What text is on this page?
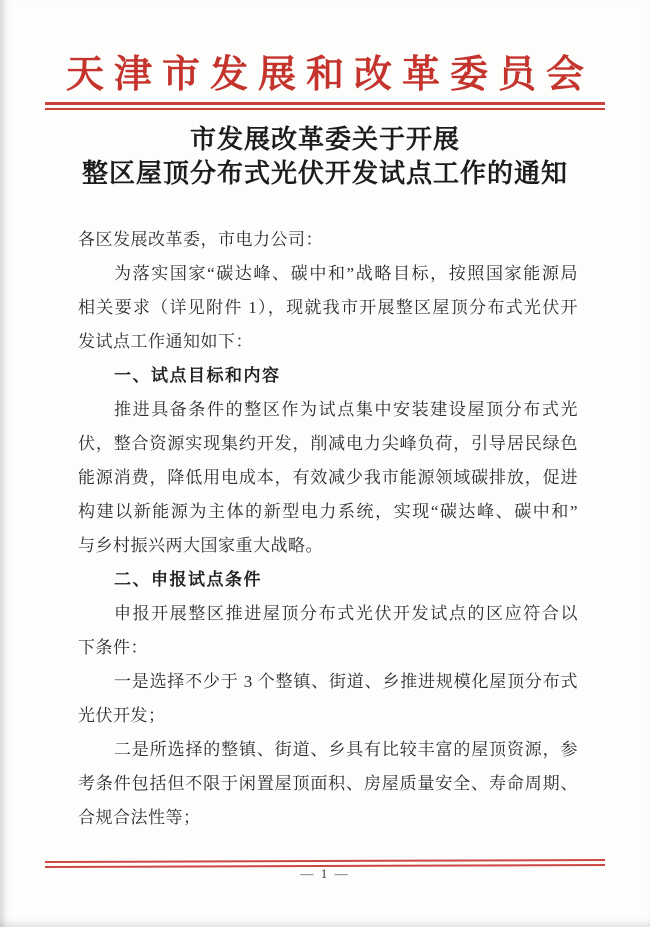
天津市发展和改革委员会
市发展改革委关于开展
整区屋顶分布式光伏开发试点工作的通知
各区发展改革委，市电力公司：
为落实国家“碳达峰、碳中和”战略目标，按照国家能源局
相关要求（详见附件 1），现就我市开展整区屋顶分布式光伏开
发试点工作通知如下：
一、试点目标和内容
推进具备条件的整区作为试点集中安装建设屋顶分布式光
伏，整合资源实现集约开发，削减电力尖峰负荷，引导居民绿色
能源消费，降低用电成本，有效减少我市能源领域碳排放，促进
构建以新能源为主体的新型电力系统，实现“碳达峰、碳中和”
与乡村振兴两大国家重大战略。
二、申报试点条件
申报开展整区推进屋顶分布式光伏开发试点的区应符合以
下条件：
一是选择不少于 3 个整镇、街道、乡推进规模化屋顶分布式
光伏开发；
二是所选择的整镇、街道、乡具有比较丰富的屋顶资源，参
考条件包括但不限于闲置屋顶面积、房屋质量安全、寿命周期、
合规合法性等；
— 1 —
